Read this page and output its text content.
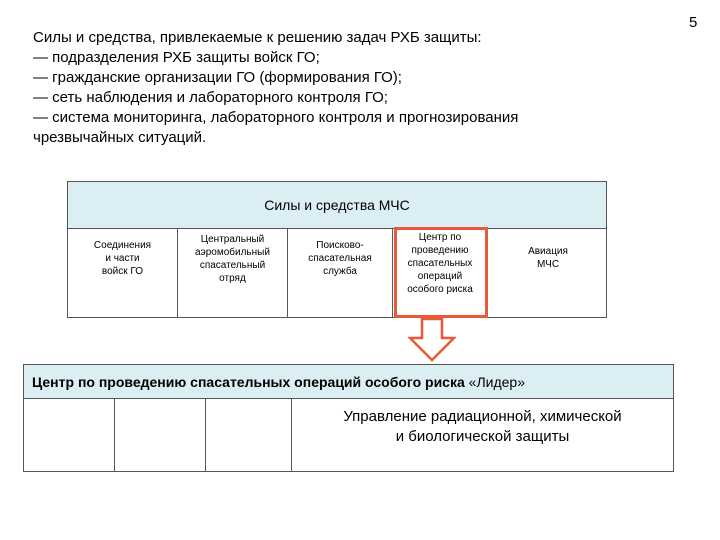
5
Силы и средства, привлекаемые к решению задач РХБ защиты:
— подразделения РХБ защиты войск ГО;
— гражданские организации ГО (формирования ГО);
— сеть наблюдения и лабораторного контроля ГО;
— система мониторинга, лабораторного контроля и прогнозирования
чрезвычайных ситуаций.
Силы и средства МЧС
Соединения
и части
войск ГО
Центральный
аэромобильный
спасательный
отряд
Поисково-
спасательная
служба
Центр по
проведению
спасательных
операций
особого риска
Авиация
МЧС
Центр по проведению спасательных операций особого риска «Лидер»
Управление радиационной, химической
и биологической защиты
